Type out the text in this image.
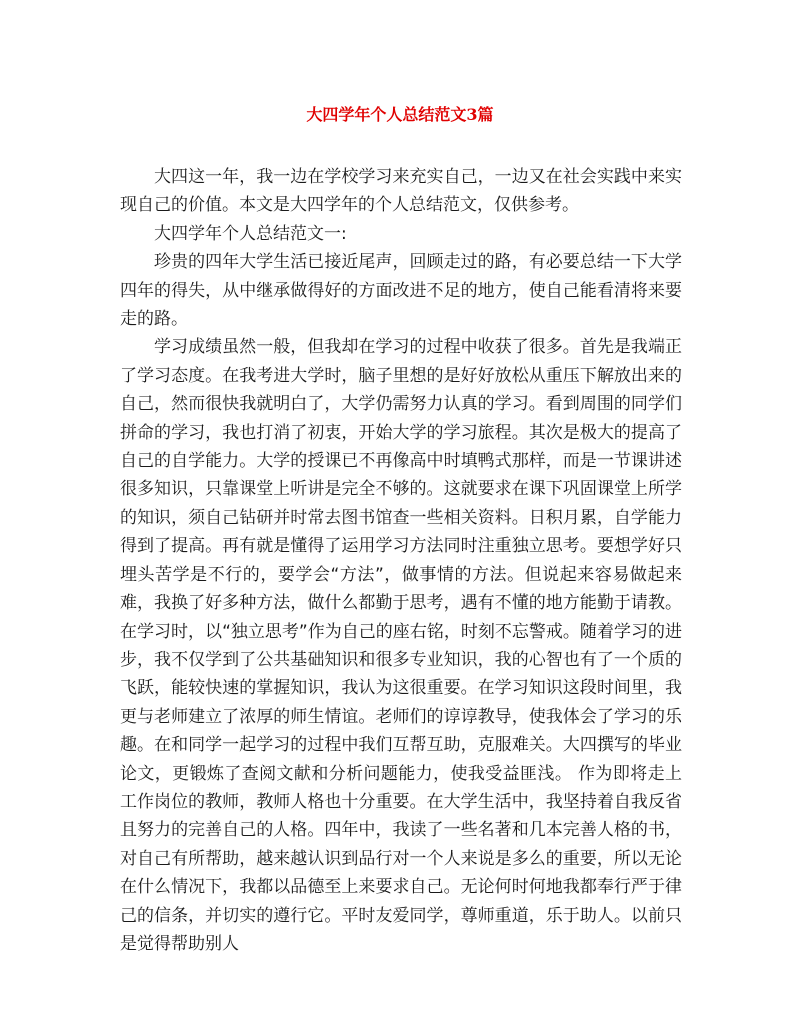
大四学年个人总结范文3篇

大四这一年，我一边在学校学习来充实自己，一边又在社会实践中来实现自己的价值。本文是大四学年的个人总结范文，仅供参考。

大四学年个人总结范文一:

珍贵的四年大学生活已接近尾声，回顾走过的路，有必要总结一下大学四年的得失，从中继承做得好的方面改进不足的地方，使自己能看清将来要走的路。

学习成绩虽然一般，但我却在学习的过程中收获了很多。首先是我端正了学习态度。在我考进大学时，脑子里想的是好好放松从重压下解放出来的自己，然而很快我就明白了，大学仍需努力认真的学习。看到周围的同学们拼命的学习，我也打消了初衷，开始大学的学习旅程。其次是极大的提高了自己的自学能力。大学的授课已不再像高中时填鸭式那样，而是一节课讲述很多知识，只靠课堂上听讲是完全不够的。这就要求在课下巩固课堂上所学的知识，须自己钻研并时常去图书馆查一些相关资料。日积月累，自学能力得到了提高。再有就是懂得了运用学习方法同时注重独立思考。要想学好只埋头苦学是不行的，要学会“方法”，做事情的方法。但说起来容易做起来难，我换了好多种方法，做什么都勤于思考，遇有不懂的地方能勤于请教。在学习时，以“独立思考”作为自己的座右铭，时刻不忘警戒。随着学习的进步，我不仅学到了公共基础知识和很多专业知识，我的心智也有了一个质的飞跃，能较快速的掌握知识，我认为这很重要。在学习知识这段时间里，我更与老师建立了浓厚的师生情谊。老师们的谆谆教导，使我体会了学习的乐趣。在和同学一起学习的过程中我们互帮互助，克服难关。大四撰写的毕业论文，更锻炼了查阅文献和分析问题能力，使我受益匪浅。 作为即将走上工作岗位的教师，教师人格也十分重要。在大学生活中，我坚持着自我反省且努力的完善自己的人格。四年中，我读了一些名著和几本完善人格的书，对自己有所帮助，越来越认识到品行对一个人来说是多么的重要，所以无论在什么情况下，我都以品德至上来要求自己。无论何时何地我都奉行严于律己的信条，并切实的遵行它。平时友爱同学，尊师重道，乐于助人。以前只是觉得帮助别人
